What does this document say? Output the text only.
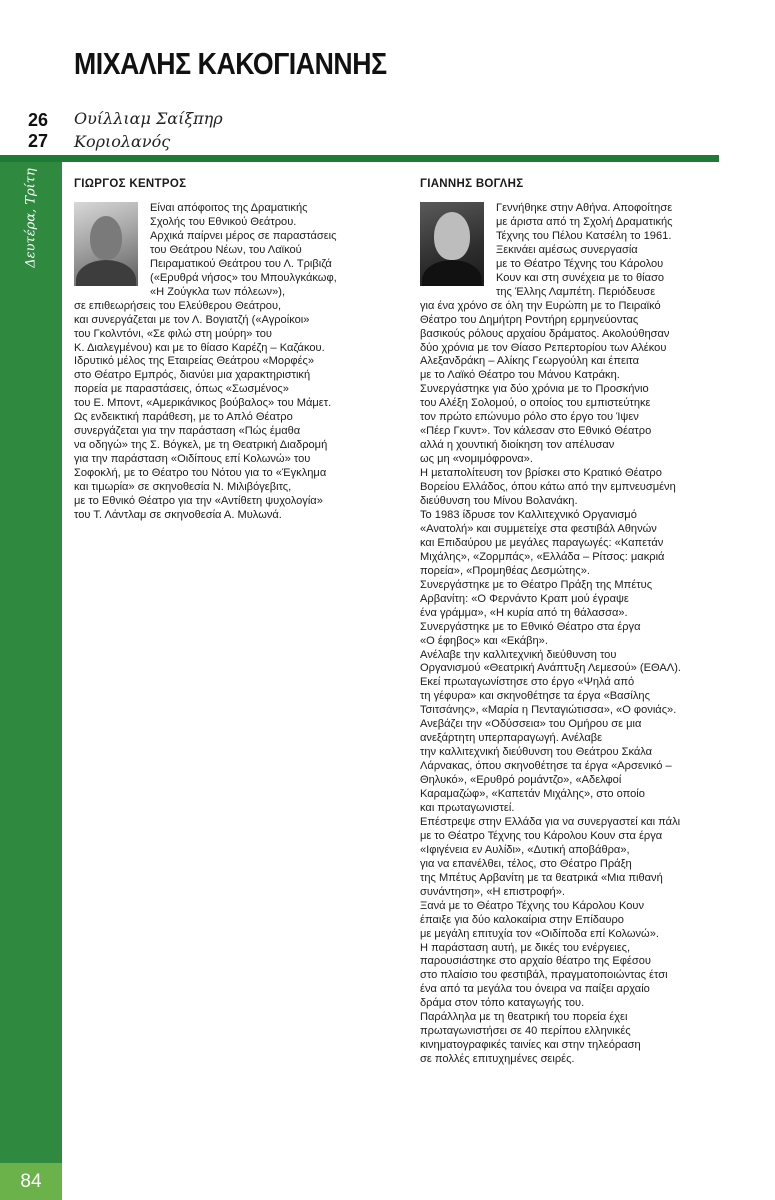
26
27
Δευτέρα, Τρίτη
84
ΜΙΧΑΛΗΣ ΚΑΚΟΓΙΑΝΝΗΣ
Ουίλλιαμ Σαίξπηρ
Κοριολανός
ΓΙΩΡΓΟΣ ΚΕΝΤΡΟΣ

Είναι απόφοιτος της Δραματικής
Σχολής του Εθνικού Θεάτρου.
Αρχικά παίρνει μέρος σε παραστάσεις
του Θεάτρου Νέων, του Λαϊκού
Πειραματικού Θεάτρου του Λ. Τριβιζά
(«Ερυθρά νήσος» του Μπουλγκάκωφ,
«Η Ζούγκλα των πόλεων»),
σε επιθεωρήσεις του Ελεύθερου Θεάτρου,
και συνεργάζεται με τον Λ. Βογιατζή («Αγροίκοι»
του Γκολντόνι, «Σε φιλώ στη μούρη» του
Κ. Διαλεγμένου) και με το θίασο Καρέζη – Καζάκου.
Ιδρυτικό μέλος της Εταιρείας Θεάτρου «Μορφές»
στο Θέατρο Εμπρός, διανύει μια χαρακτηριστική
πορεία με παραστάσεις, όπως «Σωσμένος»
του Ε. Μποντ, «Αμερικάνικος βούβαλος» του Μάμετ.
Ως ενδεικτική παράθεση, με το Απλό Θέατρο
συνεργάζεται για την παράσταση «Πώς έμαθα
να οδηγώ» της Σ. Βόγκελ, με τη Θεατρική Διαδρομή
για την παράσταση «Οιδίπους επί Κολωνώ» του
Σοφοκλή, με το Θέατρο του Νότου για το «Έγκλημα
και τιμωρία» σε σκηνοθεσία Ν. Μιλιβόγεβιτς,
με το Εθνικό Θέατρο για την «Αντίθετη ψυχολογία»
του Τ. Λάντλαμ σε σκηνοθεσία Α. Μυλωνά.

ΓΙΑΝΝΗΣ ΒΟΓΛΗΣ

Γεννήθηκε στην Αθήνα. Αποφοίτησε
με άριστα από τη Σχολή Δραματικής
Τέχνης του Πέλου Κατσέλη το 1961.
Ξεκινάει αμέσως συνεργασία
με το Θέατρο Τέχνης του Κάρολου
Κουν και στη συνέχεια με το θίασο
της Έλλης Λαμπέτη. Περιόδευσε
για ένα χρόνο σε όλη την Ευρώπη με το Πειραϊκό
Θέατρο του Δημήτρη Ροντήρη ερμηνεύοντας
βασικούς ρόλους αρχαίου δράματος. Ακολούθησαν
δύο χρόνια με τον Θίασο Ρεπερτορίου των Αλέκου
Αλεξανδράκη – Αλίκης Γεωργούλη και έπειτα
με το Λαϊκό Θέατρο του Μάνου Κατράκη.
Συνεργάστηκε για δύο χρόνια με το Προσκήνιο
του Αλέξη Σολομού, ο οποίος του εμπιστεύτηκε
τον πρώτο επώνυμο ρόλο στο έργο του Ίψεν
«Πέερ Γκυντ». Τον κάλεσαν στο Εθνικό Θέατρο
αλλά η χουντική διοίκηση τον απέλυσαν
ως μη «νομιμόφρονα».
Η μεταπολίτευση τον βρίσκει στο Κρατικό Θέατρο
Βορείου Ελλάδος, όπου κάτω από την εμπνευσμένη
διεύθυνση του Μίνου Βολανάκη.
Το 1983 ίδρυσε τον Καλλιτεχνικό Οργανισμό
«Ανατολή» και συμμετείχε στα φεστιβάλ Αθηνών
και Επιδαύρου με μεγάλες παραγωγές: «Καπετάν
Μιχάλης», «Ζορμπάς», «Ελλάδα – Ρίτσος: μακριά
πορεία», «Προμηθέας Δεσμώτης».
Συνεργάστηκε με το Θέατρο Πράξη της Μπέτυς
Αρβανίτη: «Ο Φερνάντο Κραπ μού έγραψε
ένα γράμμα», «Η κυρία από τη θάλασσα».
Συνεργάστηκε με το Εθνικό Θέατρο στα έργα
«Ο έφηβος» και «Εκάβη».
Ανέλαβε την καλλιτεχνική διεύθυνση του
Οργανισμού «Θεατρική Ανάπτυξη Λεμεσού» (ΕΘΑΛ).
Εκεί πρωταγωνίστησε στο έργο «Ψηλά από
τη γέφυρα» και σκηνοθέτησε τα έργα «Βασίλης
Τσιτσάνης», «Μαρία η Πενταγιώτισσα», «Ο φονιάς».
Ανεβάζει την «Οδύσσεια» του Ομήρου σε μια
ανεξάρτητη υπερπαραγωγή. Ανέλαβε
την καλλιτεχνική διεύθυνση του Θεάτρου Σκάλα
Λάρνακας, όπου σκηνοθέτησε τα έργα «Αρσενικό –
Θηλυκό», «Ερυθρό ρομάντζο», «Αδελφοί
Καραμαζώφ», «Καπετάν Μιχάλης», στο οποίο
και πρωταγωνιστεί.
Επέστρεψε στην Ελλάδα για να συνεργαστεί και πάλι
με το Θέατρο Τέχνης του Κάρολου Κουν στα έργα
«Ιφιγένεια εν Αυλίδι», «Δυτική αποβάθρα»,
για να επανέλθει, τέλος, στο Θέατρο Πράξη
της Μπέτυς Αρβανίτη με τα θεατρικά «Μια πιθανή
συνάντηση», «Η επιστροφή».
Ξανά με το Θέατρο Τέχνης του Κάρολου Κουν
έπαιξε για δύο καλοκαίρια στην Επίδαυρο
με μεγάλη επιτυχία τον «Οιδίποδα επί Κολωνώ».
Η παράσταση αυτή, με δικές του ενέργειες,
παρουσιάστηκε στο αρχαίο θέατρο της Εφέσου
στο πλαίσιο του φεστιβάλ, πραγματοποιώντας έτσι
ένα από τα μεγάλα του όνειρα να παίξει αρχαίο
δράμα στον τόπο καταγωγής του.
Παράλληλα με τη θεατρική του πορεία έχει
πρωταγωνιστήσει σε 40 περίπου ελληνικές
κινηματογραφικές ταινίες και στην τηλεόραση
σε πολλές επιτυχημένες σειρές.
